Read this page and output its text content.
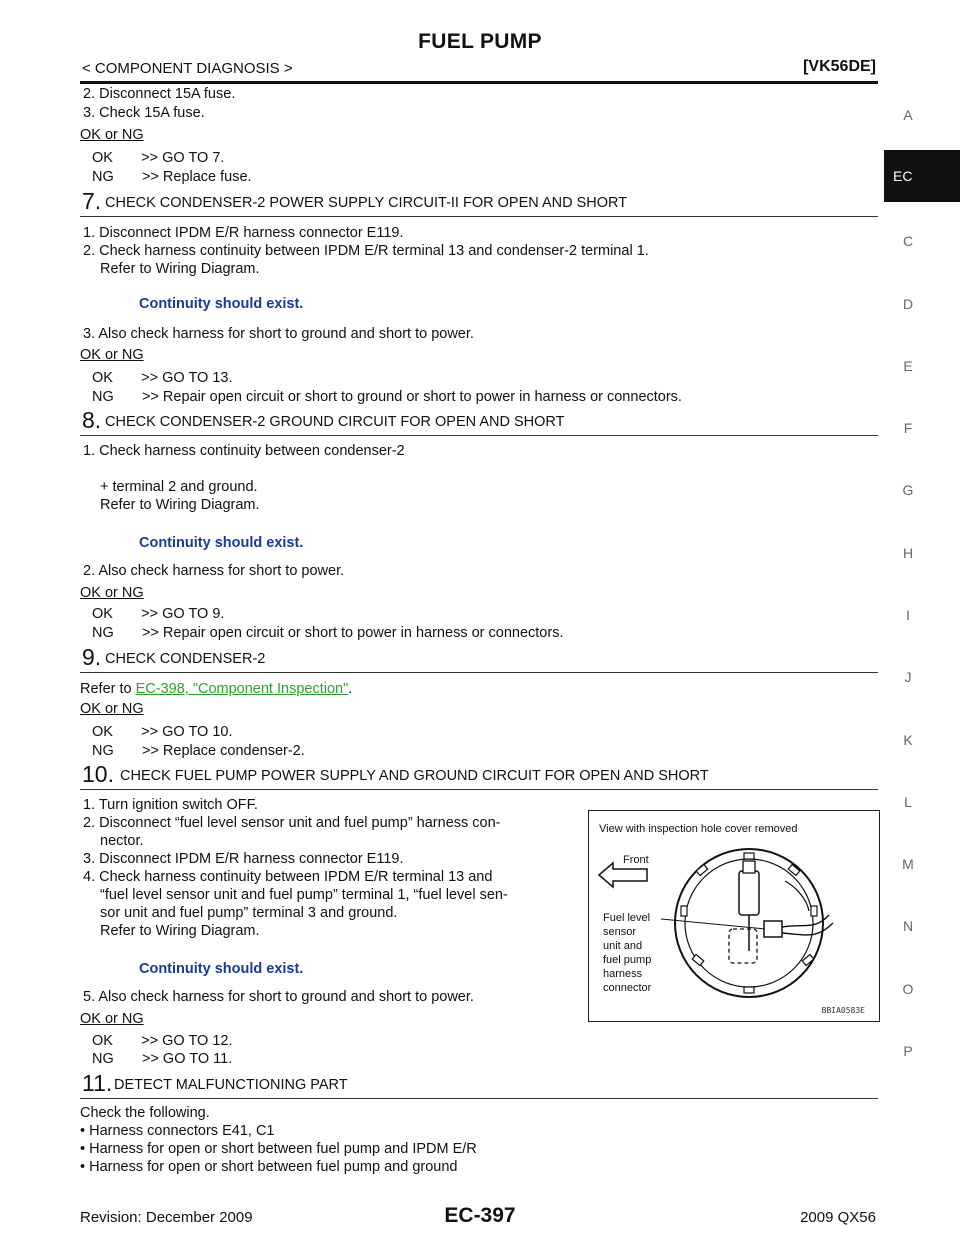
FUEL PUMP
< COMPONENT DIAGNOSIS >	[VK56DE]
A
EC
C
D
E
F
G
H
I
J
K
L
M
N
O
P
2. Disconnect 15A fuse.
3. Check 15A fuse.
OK or NG
OK       >> GO TO 7.
NG       >> Replace fuse.
7. CHECK CONDENSER-2 POWER SUPPLY CIRCUIT-II FOR OPEN AND SHORT
1. Disconnect IPDM E/R harness connector E119.
2. Check harness continuity between IPDM E/R terminal 13 and condenser-2 terminal 1.
Refer to Wiring Diagram.
Continuity should exist.
3. Also check harness for short to ground and short to power.
OK or NG
OK       >> GO TO 13.
NG       >> Repair open circuit or short to ground or short to power in harness or connectors.
8. CHECK CONDENSER-2 GROUND CIRCUIT FOR OPEN AND SHORT
1. Check harness continuity between condenser-2
+ terminal 2 and ground.
Refer to Wiring Diagram.
Continuity should exist.
2. Also check harness for short to power.
OK or NG
OK       >> GO TO 9.
NG       >> Repair open circuit or short to power in harness or connectors.
9. CHECK CONDENSER-2
Refer to EC-398, "Component Inspection".
OK or NG
OK       >> GO TO 10.
NG       >> Replace condenser-2.
10. CHECK FUEL PUMP POWER SUPPLY AND GROUND CIRCUIT FOR OPEN AND SHORT
1. Turn ignition switch OFF.
2. Disconnect “fuel level sensor unit and fuel pump” harness con-
nector.
3. Disconnect IPDM E/R harness connector E119.
4. Check harness continuity between IPDM E/R terminal 13 and
“fuel level sensor unit and fuel pump” terminal 1, “fuel level sen-
sor unit and fuel pump” terminal 3 and ground.
Refer to Wiring Diagram.
Continuity should exist.
5. Also check harness for short to ground and short to power.
OK or NG
OK       >> GO TO 12.
NG       >> GO TO 11.
View with inspection hole cover removed
Front
Fuel level
sensor
unit and
fuel pump
harness
connector
BBIA0583E
11. DETECT MALFUNCTIONING PART
Check the following.
• Harness connectors E41, C1
• Harness for open or short between fuel pump and IPDM E/R
• Harness for open or short between fuel pump and ground
Revision: December 2009	EC-397	2009 QX56
